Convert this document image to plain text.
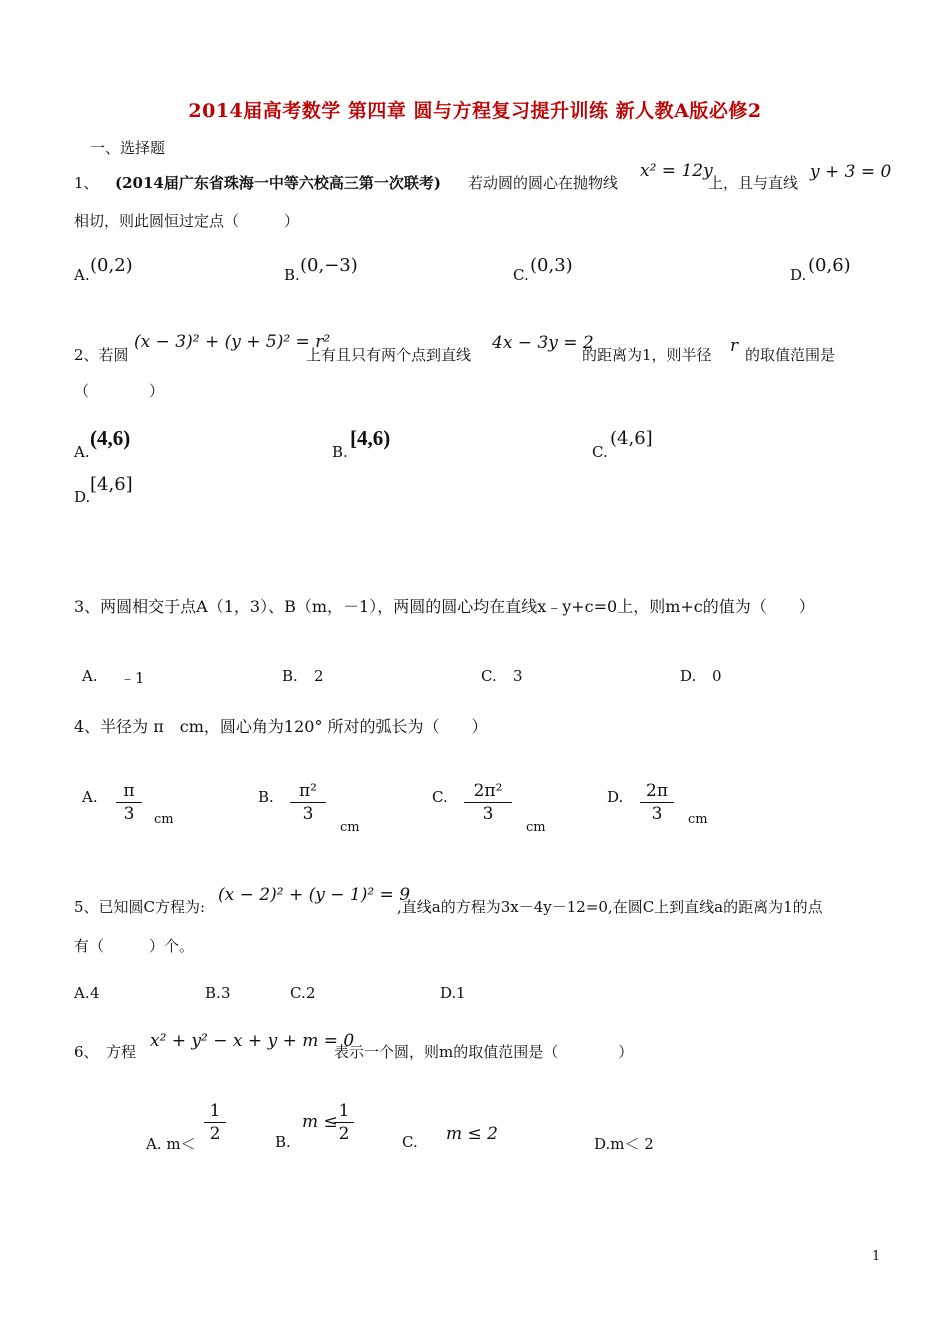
2014届高考数学 第四章 圆与方程复习提升训练 新人教A版必修2
一、选择题
1、 (2014届广东省珠海一中等六校高三第一次联考) 若动圆的圆心在抛物线
x² = 12y
上，且与直线
y + 3 = 0
相切，则此圆恒过定点（　　　）
A. (0,2)	B. (0,−3)	C. (0,3)	D. (0,6)
2、若圆
(x − 3)² + (y + 5)² = r²
上有且只有两个点到直线
4x − 3y = 2
的距离为1，则半径 r 的取值范围是
（　　　　）
A.
(4,6)
B.
[4,6)
C.
(4,6]
D.
[4,6]
3、两圆相交于点A（1，3）、B（m，－1），两圆的圆心均在直线x﹣y+c=0上，则m+c的值为（　　）
A. ﹣1	B. 2	C. 3	D. 0
4、半径为 π　cm，圆心角为120° 所对的弧长为（　　）
A.	π
3	cm
B.	π²
3
cm
C.	2π²
3
cm
D.	2π
3	cm
5、已知圆C方程为:
(x − 2)² + (y − 1)² = 9
,直线a的方程为3x－4y－12=0,在圆C上到直线a的距离为1的点
有（　　　）个。
A. 4	B. 3	C. 2	D. 1
6、　方程
x² + y² − x + y + m = 0
表示一个圆，则m的取值范围是（　　　　）
A. m＜
1
2	B.
m ≤
1
2	C. m ≤ 2	D.m＜ 2
1
